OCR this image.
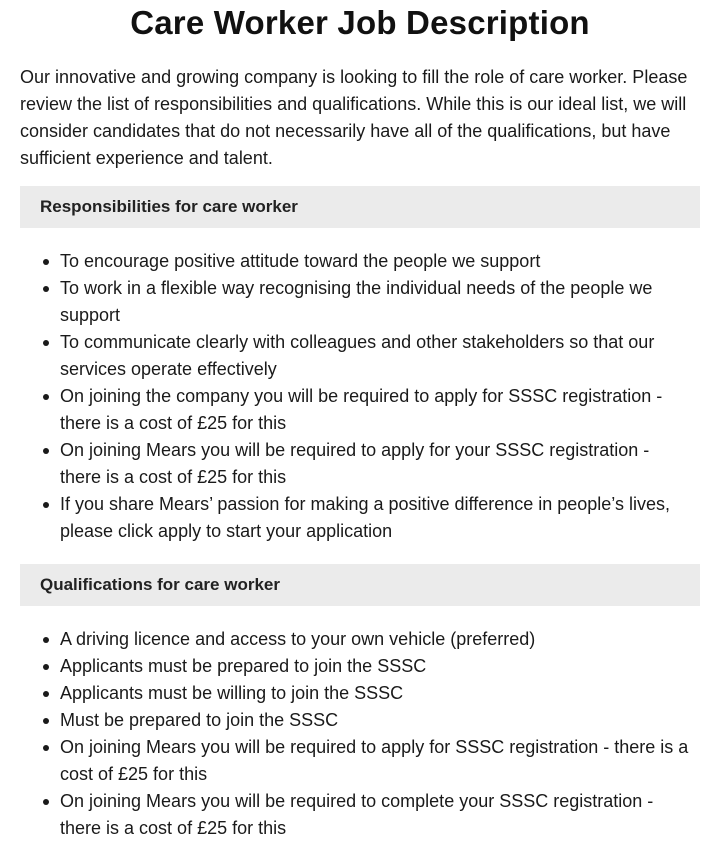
Care Worker Job Description

Our innovative and growing company is looking to fill the role of care worker. Please review the list of responsibilities and qualifications. While this is our ideal list, we will consider candidates that do not necessarily have all of the qualifications, but have sufficient experience and talent.

Responsibilities for care worker
To encourage positive attitude toward the people we support
To work in a flexible way recognising the individual needs of the people we support
To communicate clearly with colleagues and other stakeholders so that our services operate effectively
On joining the company you will be required to apply for SSSC registration - there is a cost of £25 for this
On joining Mears you will be required to apply for your SSSC registration - there is a cost of £25 for this
If you share Mears’ passion for making a positive difference in people’s lives, please click apply to start your application
Qualifications for care worker
A driving licence and access to your own vehicle (preferred)
Applicants must be prepared to join the SSSC
Applicants must be willing to join the SSSC
Must be prepared to join the SSSC
On joining Mears you will be required to apply for SSSC registration - there is a cost of £25 for this
On joining Mears you will be required to complete your SSSC registration - there is a cost of £25 for this
